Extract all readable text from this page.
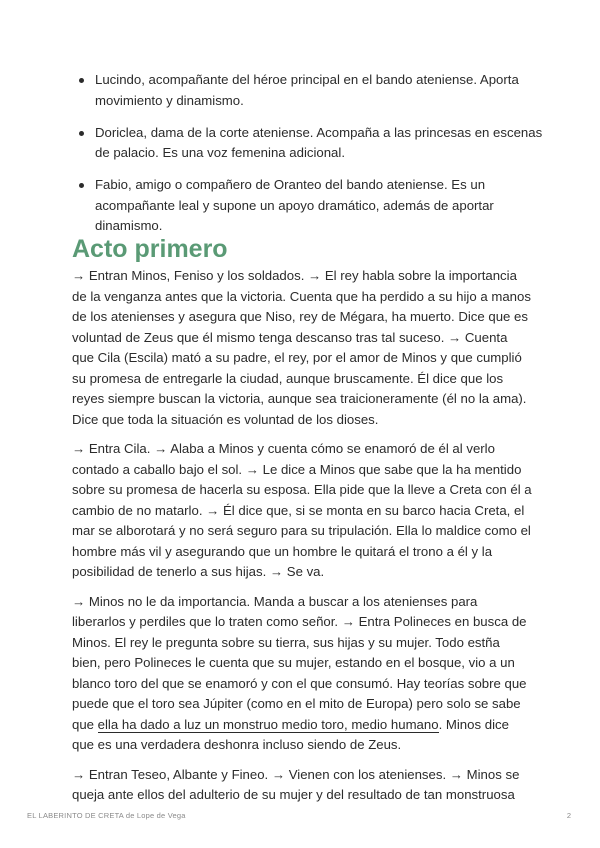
Lucindo, acompañante del héroe principal en el bando ateniense. Aporta movimiento y dinamismo.
Doriclea, dama de la corte ateniense. Acompaña a las princesas en escenas de palacio. Es una voz femenina adicional.
Fabio, amigo o compañero de Oranteo del bando ateniense. Es un acompañante leal y supone un apoyo dramático, además de aportar dinamismo.
Acto primero

→ Entran Minos, Feniso y los soldados. → El rey habla sobre la importancia de la venganza antes que la victoria. Cuenta que ha perdido a su hijo a manos de los atenienses y asegura que Niso, rey de Mégara, ha muerto. Dice que es voluntad de Zeus que él mismo tenga descanso tras tal suceso. → Cuenta que Cila (Escila) mató a su padre, el rey, por el amor de Minos y que cumplió su promesa de entregarle la ciudad, aunque bruscamente. Él dice que los reyes siempre buscan la victoria, aunque sea traicioneramente (él no la ama). Dice que toda la situación es voluntad de los dioses.

→ Entra Cila. → Alaba a Minos y cuenta cómo se enamoró de él al verlo contado a caballo bajo el sol. → Le dice a Minos que sabe que la ha mentido sobre su promesa de hacerla su esposa. Ella pide que la lleve a Creta con él a cambio de no matarlo. → Él dice que, si se monta en su barco hacia Creta, el mar se alborotará y no será seguro para su tripulación. Ella lo maldice como el hombre más vil y asegurando que un hombre le quitará el trono a él y la posibilidad de tenerlo a sus hijas. → Se va.

→ Minos no le da importancia. Manda a buscar a los atenienses para liberarlos y perdiles que lo traten como señor. → Entra Polineces en busca de Minos. El rey le pregunta sobre su tierra, sus hijas y su mujer. Todo estña bien, pero Polineces le cuenta que su mujer, estando en el bosque, vio a un blanco toro del que se enamoró y con el que consumó. Hay teorías sobre que puede que el toro sea Júpiter (como en el mito de Europa) pero solo se sabe que ella ha dado a luz un monstruo medio toro, medio humano. Minos dice que es una verdadera deshonra incluso siendo de Zeus.

→ Entran Teseo, Albante y Fineo. → Vienen con los atenienses. → Minos se queja ante ellos del adulterio de su mujer y del resultado de tan monstruosa

EL LABERINTO DE CRETA de Lope de Vega	2
